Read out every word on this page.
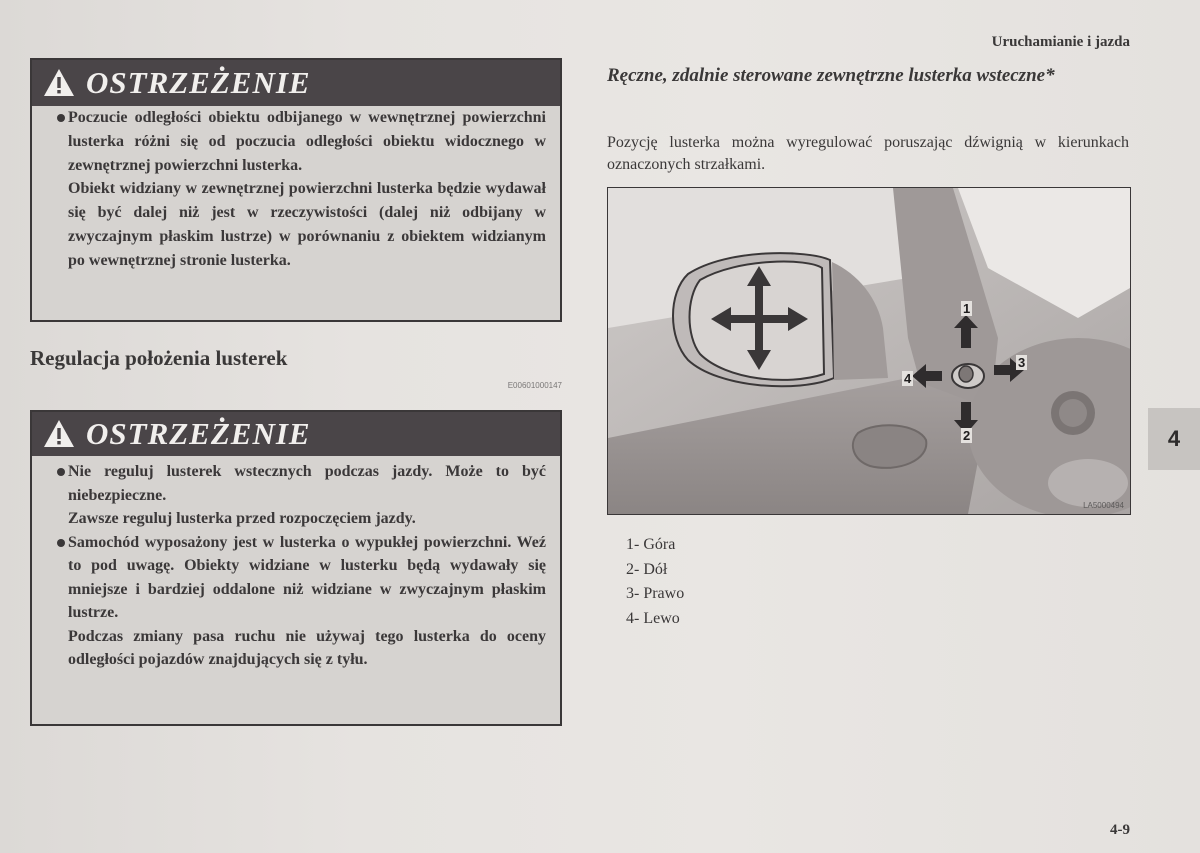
Uruchamianie i jazda
OSTRZEŻENIE

Poczucie odległości obiektu odbijanego w wewnętrznej powierzchni lusterka różni się od poczucia odległości obiektu widocznego w zewnętrznej powierzchni lusterka.

Obiekt widziany w zewnętrznej powierzchni lusterka będzie wydawał się być dalej niż jest w rzeczywistości (dalej niż odbijany w zwyczajnym płaskim lustrze) w porównaniu z obiektem widzianym po wewnętrznej stronie lusterka.

Regulacja położenia lusterek
E00601000147
OSTRZEŻENIE

Nie reguluj lusterek wstecznych podczas jazdy. Może to być niebezpieczne.

Zawsze reguluj lusterka przed rozpoczęciem jazdy.

Samochód wyposażony jest w lusterka o wypukłej powierzchni. Weź to pod uwagę. Obiekty widziane w lusterku będą wydawały się mniejsze i bardziej oddalone niż widziane w zwyczajnym płaskim lustrze.

Podczas zmiany pasa ruchu nie używaj tego lusterka do oceny odległości pojazdów znajdujących się z tyłu.

Ręczne, zdalnie sterowane zewnętrzne lusterka wsteczne*
Pozycję lusterka można wyregulować poruszając dźwignią w kierunkach oznaczonych strzałkami.
1
2
3
4
LA5000494
1- Góra
2- Dół
3- Prawo
4- Lewo
4
4-9
